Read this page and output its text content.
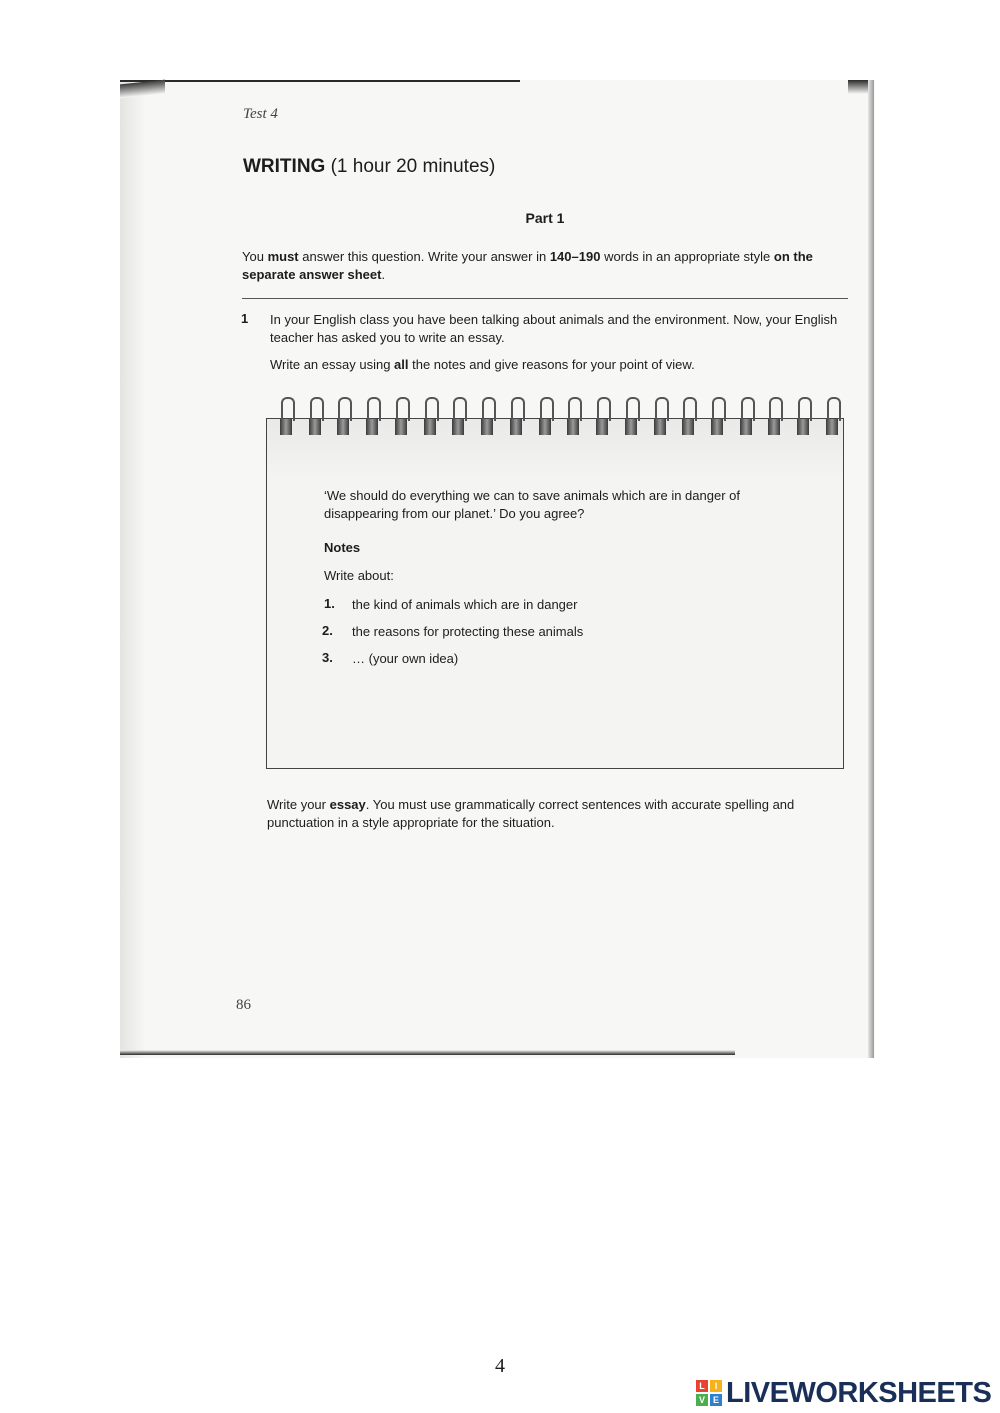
Test 4
WRITING (1 hour 20 minutes)
Part 1
You must answer this question. Write your answer in 140–190 words in an appropriate style on the separate answer sheet.
1 In your English class you have been talking about animals and the environment. Now, your English teacher has asked you to write an essay.
Write an essay using all the notes and give reasons for your point of view.
‘We should do everything we can to save animals which are in danger of disappearing from our planet.’ Do you agree?
Notes
Write about:
1. the kind of animals which are in danger
2. the reasons for protecting these animals
3. … (your own idea)
Write your essay. You must use grammatically correct sentences with accurate spelling and punctuation in a style appropriate for the situation.
86
4
L	I
V E LIVEWORKSHEETS
